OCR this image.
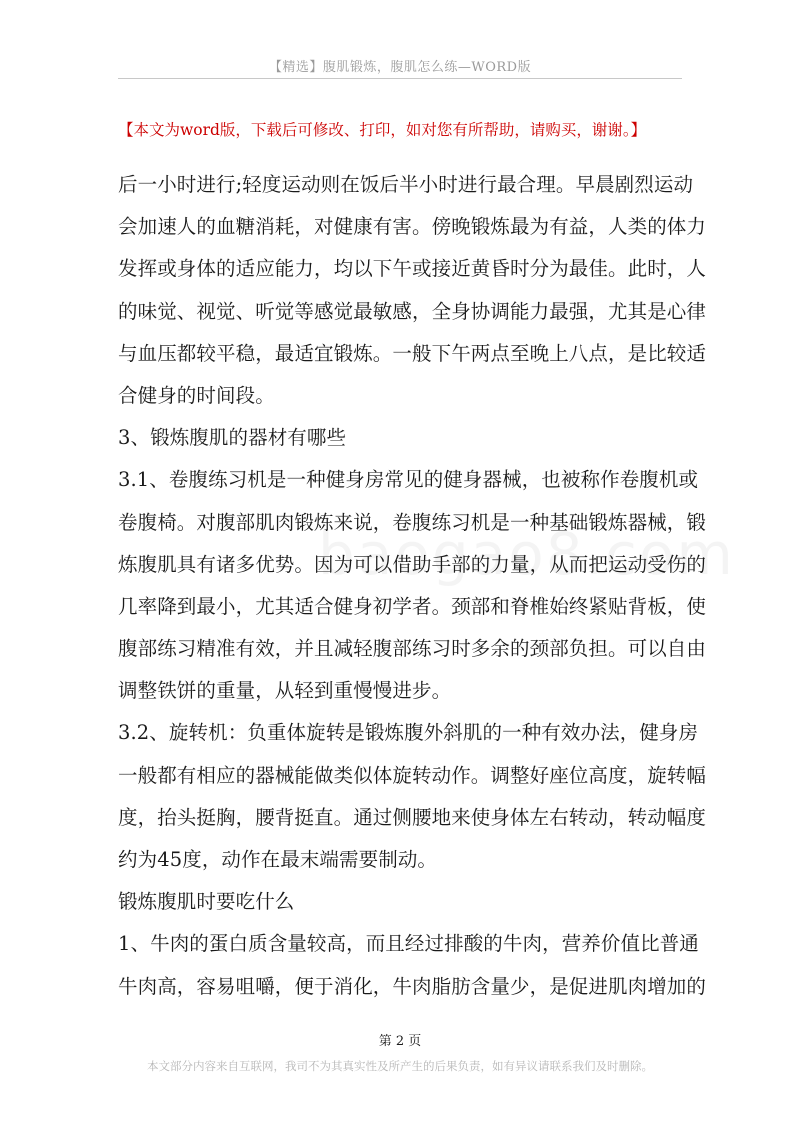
【精选】腹肌锻炼，腹肌怎么练—WORD版
【本文为word版，下载后可修改、打印，如对您有所帮助，请购买，谢谢。】
后一小时进行;轻度运动则在饭后半小时进行最合理。早晨剧烈运动
会加速人的血糖消耗，对健康有害。傍晚锻炼最为有益，人类的体力
发挥或身体的适应能力，均以下午或接近黄昏时分为最佳。此时，人
的味觉、视觉、听觉等感觉最敏感，全身协调能力最强，尤其是心律
与血压都较平稳，最适宜锻炼。一般下午两点至晚上八点，是比较适
合健身的时间段。
3、锻炼腹肌的器材有哪些
3.1、卷腹练习机是一种健身房常见的健身器械，也被称作卷腹机或
卷腹椅。对腹部肌肉锻炼来说，卷腹练习机是一种基础锻炼器械，锻
炼腹肌具有诸多优势。因为可以借助手部的力量，从而把运动受伤的
几率降到最小，尤其适合健身初学者。颈部和脊椎始终紧贴背板，使
腹部练习精准有效，并且减轻腹部练习时多余的颈部负担。可以自由
调整铁饼的重量，从轻到重慢慢进步。
3.2、旋转机：负重体旋转是锻炼腹外斜肌的一种有效办法，健身房
一般都有相应的器械能做类似体旋转动作。调整好座位高度，旋转幅
度，抬头挺胸，腰背挺直。通过侧腰地来使身体左右转动，转动幅度
约为45度，动作在最末端需要制动。
锻炼腹肌时要吃什么
1、牛肉的蛋白质含量较高，而且经过排酸的牛肉，营养价值比普通
牛肉高，容易咀嚼，便于消化，牛肉脂肪含量少，是促进肌肉增加的
第 2 页
本文部分内容来自互联网，我司不为其真实性及所产生的后果负责，如有异议请联系我们及时删除。
